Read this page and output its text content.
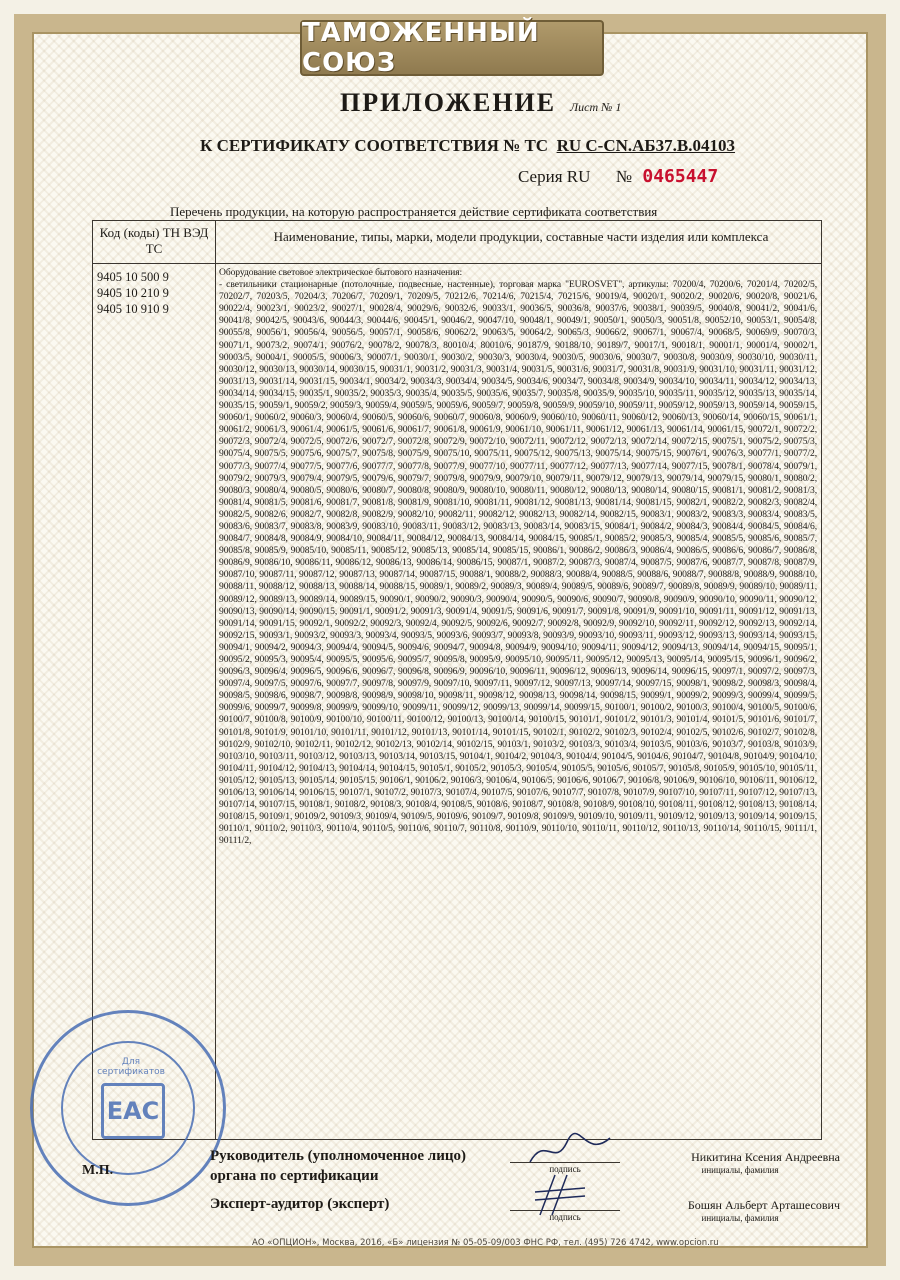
ТАМОЖЕННЫЙ СОЮЗ
ПРИЛОЖЕНИЕ Лист № 1
К СЕРТИФИКАТУ СООТВЕТСТВИЯ № ТС RU C-CN.АБ37.В.04103
Серия RU № 0465447
Перечень продукции, на которую распространяется действие сертификата соответствия
Код (коды) ТН ВЭД ТС
Наименование, типы, марки, модели продукции, составные части изделия или комплекса
9405 10 500 9
9405 10 210 9
9405 10 910 9
Оборудование световое электрическое бытового назначения:
- светильники стационарные (потолочные, подвесные, настенные), торговая марка "EUROSVET", артикулы: 70200/4, 70200/6, 70201/4, 70202/5, 70202/7, 70203/5, 70204/3, 70206/7, 70209/1, 70209/5, 70212/6, 70214/6, 70215/4, 70215/6, 90019/4, 90020/1, 90020/2, 90020/6, 90020/8, 90021/6, 90022/4, 90023/1, 90023/2, 90027/1, 90028/4, 90029/6, 90032/6, 90033/1, 90036/5, 90036/8, 90037/6, 90038/1, 90039/5, 90040/8, 90041/2, 90041/6, 90041/8, 90042/5, 90043/6, 90044/3, 90044/6, 90045/1, 90046/2, 90047/10, 90048/1, 90049/1, 90050/1, 90050/3, 90051/8, 90052/10, 90053/1, 90054/8, 90055/8, 90056/1, 90056/4, 90056/5, 90057/1, 90058/6, 90062/2, 90063/5, 90064/2, 90065/3, 90066/2, 90067/1, 90067/4, 90068/5, 90069/9, 90070/3, 90071/1, 90073/2, 90074/1, 90076/2, 90078/2, 90078/3, 80010/4, 80010/6, 90187/9, 90188/10, 90189/7, 90017/1, 90018/1, 90001/1, 90001/4, 90002/1, 90003/5, 90004/1, 90005/5, 90006/3, 90007/1, 90030/1, 90030/2, 90030/3, 90030/4, 90030/5, 90030/6, 90030/7, 90030/8, 90030/9, 90030/10, 90030/11, 90030/12, 90030/13, 90030/14, 90030/15, 90031/1, 90031/2, 90031/3, 90031/4, 90031/5, 90031/6, 90031/7, 90031/8, 90031/9, 90031/10, 90031/11, 90031/12, 90031/13, 90031/14, 90031/15, 90034/1, 90034/2, 90034/3, 90034/4, 90034/5, 90034/6, 90034/7, 90034/8, 90034/9, 90034/10, 90034/11, 90034/12, 90034/13, 90034/14, 90034/15, 90035/1, 90035/2, 90035/3, 90035/4, 90035/5, 90035/6, 90035/7, 90035/8, 90035/9, 90035/10, 90035/11, 90035/12, 90035/13, 90035/14, 90035/15, 90059/1, 90059/2, 90059/3, 90059/4, 90059/5, 90059/6, 90059/7, 90059/8, 90059/9, 90059/10, 90059/11, 90059/12, 90059/13, 90059/14, 90059/15, 90060/1, 90060/2, 90060/3, 90060/4, 90060/5, 90060/6, 90060/7, 90060/8, 90060/9, 90060/10, 90060/11, 90060/12, 90060/13, 90060/14, 90060/15, 90061/1, 90061/2, 90061/3, 90061/4, 90061/5, 90061/6, 90061/7, 90061/8, 90061/9, 90061/10, 90061/11, 90061/12, 90061/13, 90061/14, 90061/15, 90072/1, 90072/2, 90072/3, 90072/4, 90072/5, 90072/6, 90072/7, 90072/8, 90072/9, 90072/10, 90072/11, 90072/12, 90072/13, 90072/14, 90072/15, 90075/1, 90075/2, 90075/3, 90075/4, 90075/5, 90075/6, 90075/7, 90075/8, 90075/9, 90075/10, 90075/11, 90075/12, 90075/13, 90075/14, 90075/15, 90076/1, 90076/3, 90077/1, 90077/2, 90077/3, 90077/4, 90077/5, 90077/6, 90077/7, 90077/8, 90077/9, 90077/10, 90077/11, 90077/12, 90077/13, 90077/14, 90077/15, 90078/1, 90078/4, 90079/1, 90079/2, 90079/3, 90079/4, 90079/5, 90079/6, 90079/7, 90079/8, 90079/9, 90079/10, 90079/11, 90079/12, 90079/13, 90079/14, 90079/15, 90080/1, 90080/2, 90080/3, 90080/4, 90080/5, 90080/6, 90080/7, 90080/8, 90080/9, 90080/10, 90080/11, 90080/12, 90080/13, 90080/14, 90080/15, 90081/1, 90081/2, 90081/3, 90081/4, 90081/5, 90081/6, 90081/7, 90081/8, 90081/9, 90081/10, 90081/11, 90081/12, 90081/13, 90081/14, 90081/15, 90082/1, 90082/2, 90082/3, 90082/4, 90082/5, 90082/6, 90082/7, 90082/8, 90082/9, 90082/10, 90082/11, 90082/12, 90082/13, 90082/14, 90082/15, 90083/1, 90083/2, 90083/3, 90083/4, 90083/5, 90083/6, 90083/7, 90083/8, 90083/9, 90083/10, 90083/11, 90083/12, 90083/13, 90083/14, 90083/15, 90084/1, 90084/2, 90084/3, 90084/4, 90084/5, 90084/6, 90084/7, 90084/8, 90084/9, 90084/10, 90084/11, 90084/12, 90084/13, 90084/14, 90084/15, 90085/1, 90085/2, 90085/3, 90085/4, 90085/5, 90085/6, 90085/7, 90085/8, 90085/9, 90085/10, 90085/11, 90085/12, 90085/13, 90085/14, 90085/15, 90086/1, 90086/2, 90086/3, 90086/4, 90086/5, 90086/6, 90086/7, 90086/8, 90086/9, 90086/10, 90086/11, 90086/12, 90086/13, 90086/14, 90086/15, 90087/1, 90087/2, 90087/3, 90087/4, 90087/5, 90087/6, 90087/7, 90087/8, 90087/9, 90087/10, 90087/11, 90087/12, 90087/13, 90087/14, 90087/15, 90088/1, 90088/2, 90088/3, 90088/4, 90088/5, 90088/6, 90088/7, 90088/8, 90088/9, 90088/10, 90088/11, 90088/12, 90088/13, 90088/14, 90088/15, 90089/1, 90089/2, 90089/3, 90089/4, 90089/5, 90089/6, 90089/7, 90089/8, 90089/9, 90089/10, 90089/11, 90089/12, 90089/13, 90089/14, 90089/15, 90090/1, 90090/2, 90090/3, 90090/4, 90090/5, 90090/6, 90090/7, 90090/8, 90090/9, 90090/10, 90090/11, 90090/12, 90090/13, 90090/14, 90090/15, 90091/1, 90091/2, 90091/3, 90091/4, 90091/5, 90091/6, 90091/7, 90091/8, 90091/9, 90091/10, 90091/11, 90091/12, 90091/13, 90091/14, 90091/15, 90092/1, 90092/2, 90092/3, 90092/4, 90092/5, 90092/6, 90092/7, 90092/8, 90092/9, 90092/10, 90092/11, 90092/12, 90092/13, 90092/14, 90092/15, 90093/1, 90093/2, 90093/3, 90093/4, 90093/5, 90093/6, 90093/7, 90093/8, 90093/9, 90093/10, 90093/11, 90093/12, 90093/13, 90093/14, 90093/15, 90094/1, 90094/2, 90094/3, 90094/4, 90094/5, 90094/6, 90094/7, 90094/8, 90094/9, 90094/10, 90094/11, 90094/12, 90094/13, 90094/14, 90094/15, 90095/1, 90095/2, 90095/3, 90095/4, 90095/5, 90095/6, 90095/7, 90095/8, 90095/9, 90095/10, 90095/11, 90095/12, 90095/13, 90095/14, 90095/15, 90096/1, 90096/2, 90096/3, 90096/4, 90096/5, 90096/6, 90096/7, 90096/8, 90096/9, 90096/10, 90096/11, 90096/12, 90096/13, 90096/14, 90096/15, 90097/1, 90097/2, 90097/3, 90097/4, 90097/5, 90097/6, 90097/7, 90097/8, 90097/9, 90097/10, 90097/11, 90097/12, 90097/13, 90097/14, 90097/15, 90098/1, 90098/2, 90098/3, 90098/4, 90098/5, 90098/6, 90098/7, 90098/8, 90098/9, 90098/10, 90098/11, 90098/12, 90098/13, 90098/14, 90098/15, 90099/1, 90099/2, 90099/3, 90099/4, 90099/5, 90099/6, 90099/7, 90099/8, 90099/9, 90099/10, 90099/11, 90099/12, 90099/13, 90099/14, 90099/15, 90100/1, 90100/2, 90100/3, 90100/4, 90100/5, 90100/6, 90100/7, 90100/8, 90100/9, 90100/10, 90100/11, 90100/12, 90100/13, 90100/14, 90100/15, 90101/1, 90101/2, 90101/3, 90101/4, 90101/5, 90101/6, 90101/7, 90101/8, 90101/9, 90101/10, 90101/11, 90101/12, 90101/13, 90101/14, 90101/15, 90102/1, 90102/2, 90102/3, 90102/4, 90102/5, 90102/6, 90102/7, 90102/8, 90102/9, 90102/10, 90102/11, 90102/12, 90102/13, 90102/14, 90102/15, 90103/1, 90103/2, 90103/3, 90103/4, 90103/5, 90103/6, 90103/7, 90103/8, 90103/9, 90103/10, 90103/11, 90103/12, 90103/13, 90103/14, 90103/15, 90104/1, 90104/2, 90104/3, 90104/4, 90104/5, 90104/6, 90104/7, 90104/8, 90104/9, 90104/10, 90104/11, 90104/12, 90104/13, 90104/14, 90104/15, 90105/1, 90105/2, 90105/3, 90105/4, 90105/5, 90105/6, 90105/7, 90105/8, 90105/9, 90105/10, 90105/11, 90105/12, 90105/13, 90105/14, 90105/15, 90106/1, 90106/2, 90106/3, 90106/4, 90106/5, 90106/6, 90106/7, 90106/8, 90106/9, 90106/10, 90106/11, 90106/12, 90106/13, 90106/14, 90106/15, 90107/1, 90107/2, 90107/3, 90107/4, 90107/5, 90107/6, 90107/7, 90107/8, 90107/9, 90107/10, 90107/11, 90107/12, 90107/13, 90107/14, 90107/15, 90108/1, 90108/2, 90108/3, 90108/4, 90108/5, 90108/6, 90108/7, 90108/8, 90108/9, 90108/10, 90108/11, 90108/12, 90108/13, 90108/14, 90108/15, 90109/1, 90109/2, 90109/3, 90109/4, 90109/5, 90109/6, 90109/7, 90109/8, 90109/9, 90109/10, 90109/11, 90109/12, 90109/13, 90109/14, 90109/15, 90110/1, 90110/2, 90110/3, 90110/4, 90110/5, 90110/6, 90110/7, 90110/8, 90110/9, 90110/10, 90110/11, 90110/12, 90110/13, 90110/14, 90110/15, 90111/1, 90111/2,
Для сертификатов
ЕАС
М.П.
Руководитель (уполномоченное лицо) органа по сертификации	подпись
Никитина Ксения Андреевна
инициалы, фамилия
Эксперт-аудитор (эксперт)
подпись
Бошян Альберт Арташесович
инициалы, фамилия
АО «ОПЦИОН», Москва, 2016, «Б» лицензия № 05-05-09/003 ФНС РФ, тел. (495) 726 4742, www.opcion.ru
